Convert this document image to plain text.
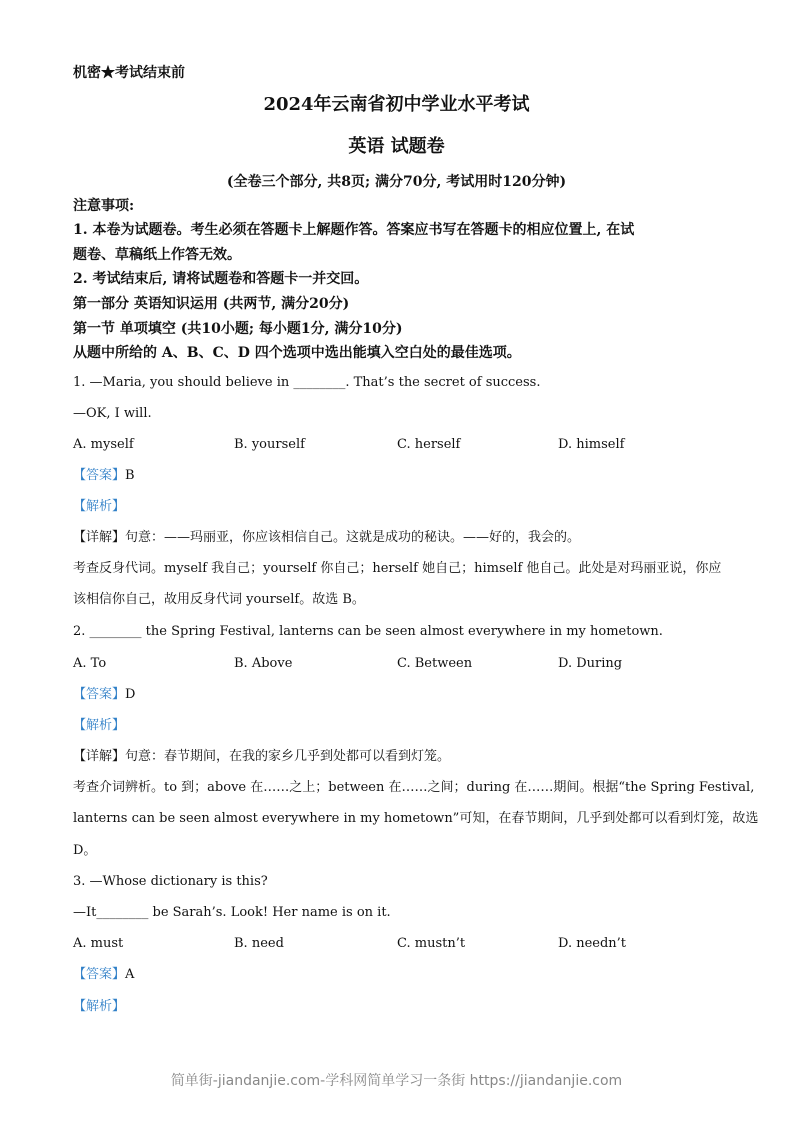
机密★考试结束前
2024年云南省初中学业水平考试
英语 试题卷
(全卷三个部分, 共8页; 满分70分, 考试用时120分钟)
注意事项:
1. 本卷为试题卷。考生必须在答题卡上解题作答。答案应书写在答题卡的相应位置上, 在试
题卷、草稿纸上作答无效。
2. 考试结束后, 请将试题卷和答题卡一并交回。
第一部分 英语知识运用 (共两节, 满分20分)
第一节 单项填空 (共10小题; 每小题1分, 满分10分)
从题中所给的 A、B、C、D 四个选项中选出能填入空白处的最佳选项。
1. —Maria, you should believe in ________. That’s the secret of success.
—OK, I will.
A. myself	B. yourself	C. herself	D. himself
【答案】B
【解析】
【详解】句意：——玛丽亚，你应该相信自己。这就是成功的秘诀。——好的，我会的。
考查反身代词。myself 我自己；yourself 你自己；herself 她自己；himself 他自己。此处是对玛丽亚说，你应
该相信你自己，故用反身代词 yourself。故选 B。
2. ________ the Spring Festival, lanterns can be seen almost everywhere in my hometown.
A. To	B. Above	C. Between	D. During
【答案】D
【解析】
【详解】句意：春节期间，在我的家乡几乎到处都可以看到灯笼。
考查介词辨析。to 到；above 在……之上；between 在……之间；during 在……期间。根据“the Spring Festival,
lanterns can be seen almost everywhere in my hometown”可知，在春节期间，几乎到处都可以看到灯笼，故选
D。
3. —Whose dictionary is this?
—It________ be Sarah’s. Look! Her name is on it.
A. must	B. need	C. mustn’t	D. needn’t
【答案】A
【解析】
简单街-jiandanjie.com-学科网简单学习一条街 https://jiandanjie.com
